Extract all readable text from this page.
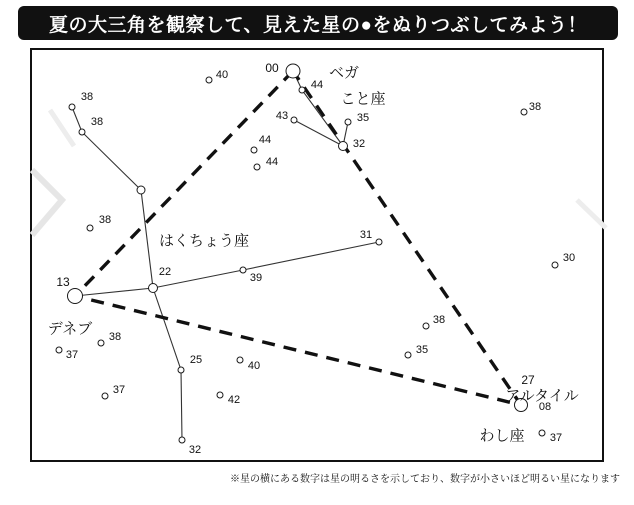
夏の大三角を観察して、見えた星の●をぬりつぶしてみよう！
00
44
43	35
32
40
38
38
38
44
44
38
31
39
22
13
30
38
35
37
38
25	40
37
42
32
27
08
37
ベガ
こと座
はくちょう座
デネブ
アルタイル
わし座
※星の横にある数字は星の明るさを示しており、数字が小さいほど明るい星になります
